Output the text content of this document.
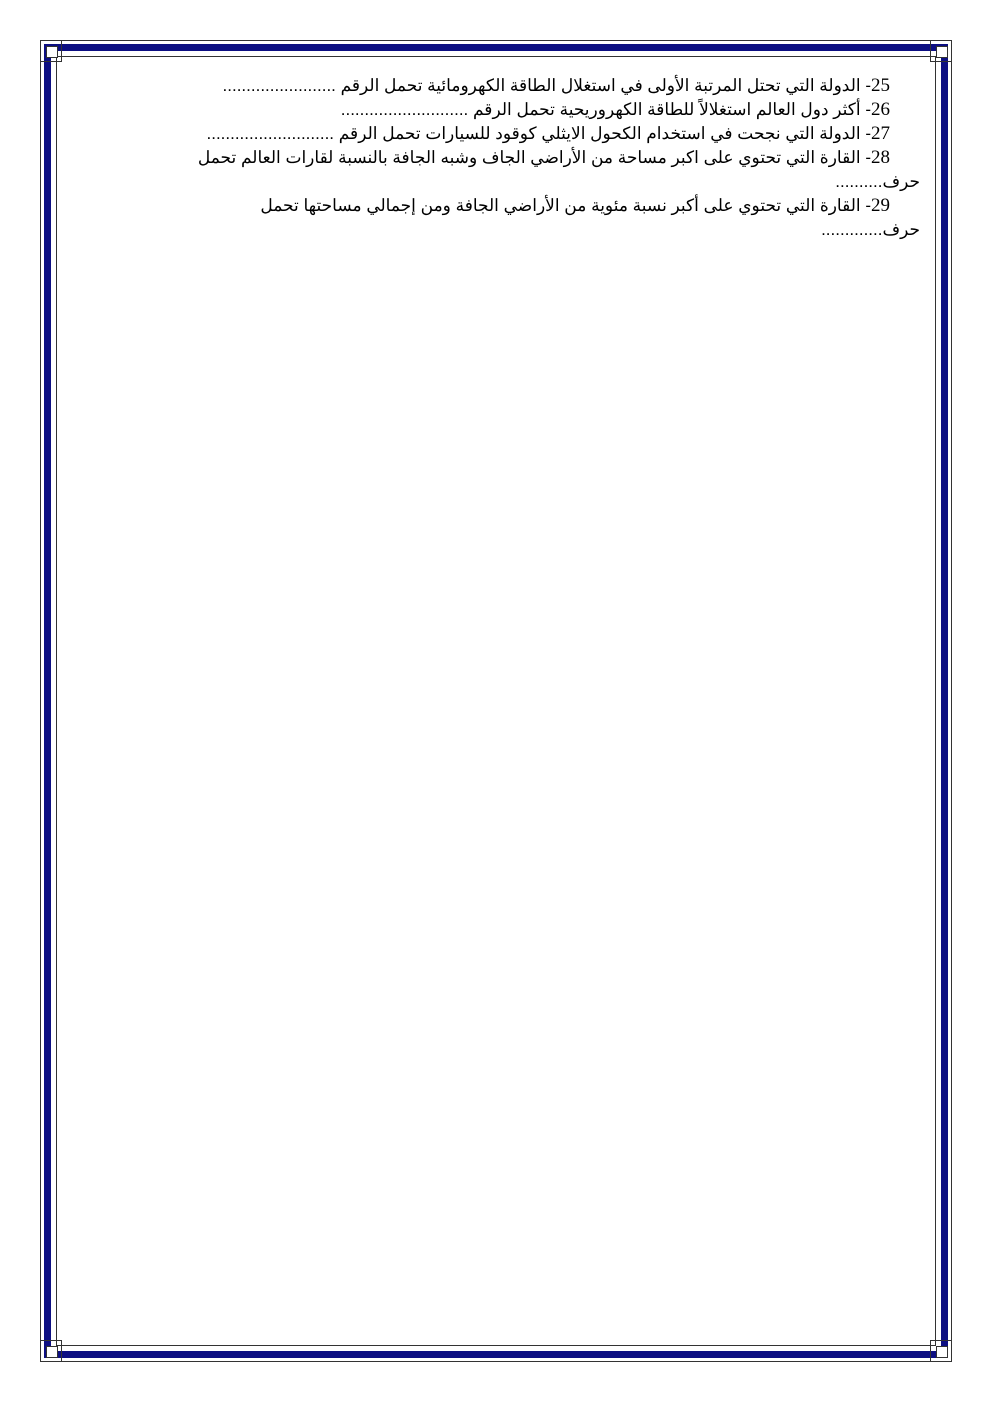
25- الدولة التي تحتل المرتبة الأولى في استغلال الطاقة الكهرومائية تحمل الرقم ........................

26- أكثر دول العالم استغلالاً للطاقة الكهروريحية تحمل الرقم ...........................

27- الدولة التي نجحت في استخدام الكحول الايثلي كوقود للسيارات تحمل الرقم ...........................

28- القارة التي تحتوي على اكبر مساحة من الأراضي الجاف وشبه الجافة بالنسبة لقارات العالم تحمل

حرف..........

29- القارة التي تحتوي على أكبر نسبة مئوية من الأراضي الجافة ومن إجمالي مساحتها تحمل

حرف.............
